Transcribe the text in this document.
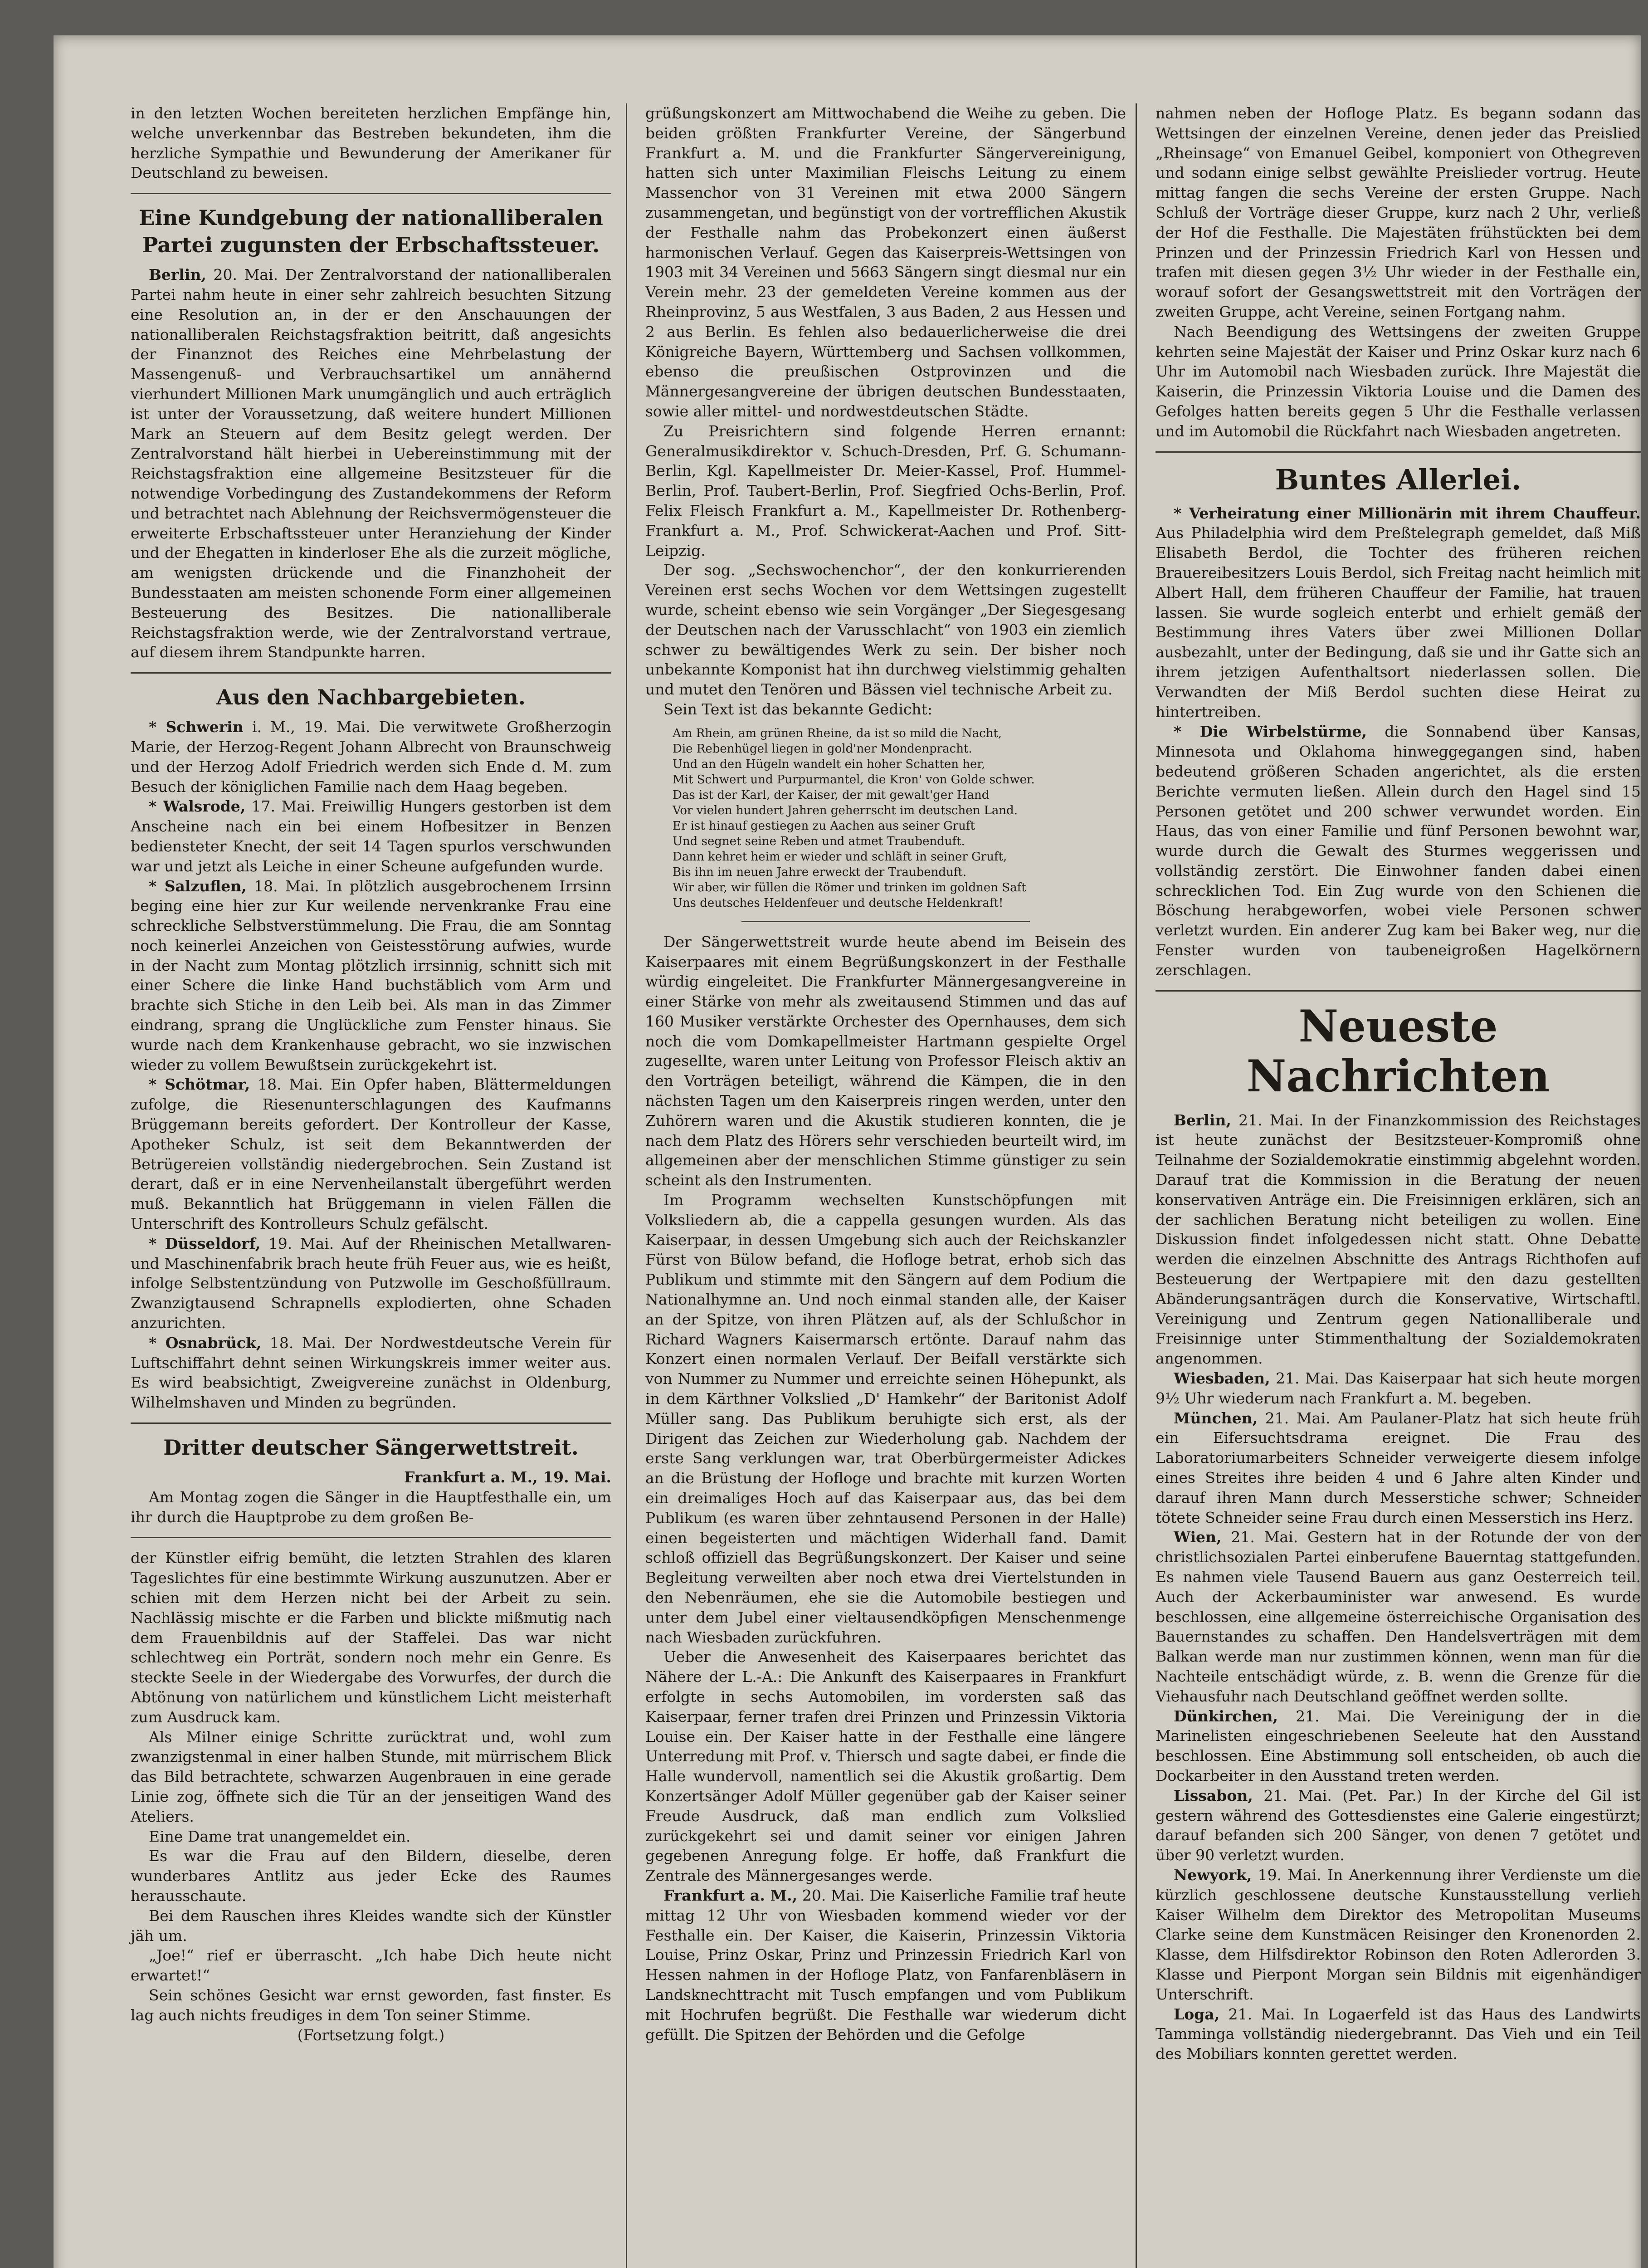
in den letzten Wochen bereiteten herzlichen Empfänge hin, welche unverkennbar das Bestreben bekundeten, ihm die herzliche Sympathie und Bewunderung der Amerikaner für Deutschland zu beweisen.

Eine Kundgebung der nationalliberalen Partei zugunsten der Erbschaftssteuer.

Berlin, 20. Mai. Der Zentralvorstand der nationalliberalen Partei nahm heute in einer sehr zahlreich besuchten Sitzung eine Resolution an, in der er den Anschauungen der nationalliberalen Reichstagsfraktion beitritt, daß angesichts der Finanznot des Reiches eine Mehrbelastung der Massengenuß- und Verbrauchsartikel um annähernd vierhundert Millionen Mark unumgänglich und auch erträglich ist unter der Voraussetzung, daß weitere hundert Millionen Mark an Steuern auf dem Besitz gelegt werden. Der Zentralvorstand hält hierbei in Uebereinstimmung mit der Reichstagsfraktion eine allgemeine Besitzsteuer für die notwendige Vorbedingung des Zustandekommens der Reform und betrachtet nach Ablehnung der Reichsvermögensteuer die erweiterte Erbschaftssteuer unter Heranziehung der Kinder und der Ehegatten in kinderloser Ehe als die zurzeit mögliche, am wenigsten drückende und die Finanzhoheit der Bundesstaaten am meisten schonende Form einer allgemeinen Besteuerung des Besitzes. Die nationalliberale Reichstagsfraktion werde, wie der Zentralvorstand vertraue, auf diesem ihrem Standpunkte harren.

Aus den Nachbargebieten.

* Schwerin i. M., 19. Mai. Die verwitwete Großherzogin Marie, der Herzog-Regent Johann Albrecht von Braunschweig und der Herzog Adolf Friedrich werden sich Ende d. M. zum Besuch der königlichen Familie nach dem Haag begeben.

* Walsrode, 17. Mai. Freiwillig Hungers gestorben ist dem Anscheine nach ein bei einem Hofbesitzer in Benzen bediensteter Knecht, der seit 14 Tagen spurlos verschwunden war und jetzt als Leiche in einer Scheune aufgefunden wurde.

* Salzuflen, 18. Mai. In plötzlich ausgebrochenem Irrsinn beging eine hier zur Kur weilende nervenkranke Frau eine schreckliche Selbstverstümmelung. Die Frau, die am Sonntag noch keinerlei Anzeichen von Geistesstörung aufwies, wurde in der Nacht zum Montag plötzlich irrsinnig, schnitt sich mit einer Schere die linke Hand buchstäblich vom Arm und brachte sich Stiche in den Leib bei. Als man in das Zimmer eindrang, sprang die Unglückliche zum Fenster hinaus. Sie wurde nach dem Krankenhause gebracht, wo sie inzwischen wieder zu vollem Bewußtsein zurückgekehrt ist.

* Schötmar, 18. Mai. Ein Opfer haben, Blättermeldungen zufolge, die Riesenunterschlagungen des Kaufmanns Brüggemann bereits gefordert. Der Kontrolleur der Kasse, Apotheker Schulz, ist seit dem Bekanntwerden der Betrügereien vollständig niedergebrochen. Sein Zustand ist derart, daß er in eine Nervenheilanstalt übergeführt werden muß. Bekanntlich hat Brüggemann in vielen Fällen die Unterschrift des Kontrolleurs Schulz gefälscht.

* Düsseldorf, 19. Mai. Auf der Rheinischen Metallwaren- und Maschinenfabrik brach heute früh Feuer aus, wie es heißt, infolge Selbstentzündung von Putzwolle im Geschoßfüllraum. Zwanzigtausend Schrapnells explodierten, ohne Schaden anzurichten.

* Osnabrück, 18. Mai. Der Nordwestdeutsche Verein für Luftschiffahrt dehnt seinen Wirkungskreis immer weiter aus. Es wird beabsichtigt, Zweigvereine zunächst in Oldenburg, Wilhelmshaven und Minden zu begründen.

Dritter deutscher Sängerwettstreit.

Frankfurt a. M., 19. Mai.

Am Montag zogen die Sänger in die Hauptfesthalle ein, um ihr durch die Hauptprobe zu dem großen Be-

der Künstler eifrig bemüht, die letzten Strahlen des klaren Tageslichtes für eine bestimmte Wirkung auszunutzen. Aber er schien mit dem Herzen nicht bei der Arbeit zu sein. Nachlässig mischte er die Farben und blickte mißmutig nach dem Frauenbildnis auf der Staffelei. Das war nicht schlechtweg ein Porträt, sondern noch mehr ein Genre. Es steckte Seele in der Wiedergabe des Vorwurfes, der durch die Abtönung von natürlichem und künstlichem Licht meisterhaft zum Ausdruck kam.

Als Milner einige Schritte zurücktrat und, wohl zum zwanzigstenmal in einer halben Stunde, mit mürrischem Blick das Bild betrachtete, schwarzen Augenbrauen in eine gerade Linie zog, öffnete sich die Tür an der jenseitigen Wand des Ateliers.

Eine Dame trat unangemeldet ein.

Es war die Frau auf den Bildern, dieselbe, deren wunderbares Antlitz aus jeder Ecke des Raumes herausschaute.

Bei dem Rauschen ihres Kleides wandte sich der Künstler jäh um.

„Joe!“ rief er überrascht. „Ich habe Dich heute nicht erwartet!“

Sein schönes Gesicht war ernst geworden, fast finster. Es lag auch nichts freudiges in dem Ton seiner Stimme.

(Fortsetzung folgt.)

grüßungskonzert am Mittwochabend die Weihe zu geben. Die beiden größten Frankfurter Vereine, der Sängerbund Frankfurt a. M. und die Frankfurter Sängervereinigung, hatten sich unter Maximilian Fleischs Leitung zu einem Massenchor von 31 Vereinen mit etwa 2000 Sängern zusammengetan, und begünstigt von der vortrefflichen Akustik der Festhalle nahm das Probekonzert einen äußerst harmonischen Verlauf. Gegen das Kaiserpreis-Wettsingen von 1903 mit 34 Vereinen und 5663 Sängern singt diesmal nur ein Verein mehr. 23 der gemeldeten Vereine kommen aus der Rheinprovinz, 5 aus Westfalen, 3 aus Baden, 2 aus Hessen und 2 aus Berlin. Es fehlen also bedauerlicherweise die drei Königreiche Bayern, Württemberg und Sachsen vollkommen, ebenso die preußischen Ostprovinzen und die Männergesangvereine der übrigen deutschen Bundesstaaten, sowie aller mittel- und nordwestdeutschen Städte.

Zu Preisrichtern sind folgende Herren ernannt: Generalmusikdirektor v. Schuch-Dresden, Prf. G. Schumann-Berlin, Kgl. Kapellmeister Dr. Meier-Kassel, Prof. Hummel-Berlin, Prof. Taubert-Berlin, Prof. Siegfried Ochs-Berlin, Prof. Felix Fleisch Frankfurt a. M., Kapellmeister Dr. Rothenberg-Frankfurt a. M., Prof. Schwickerat-Aachen und Prof. Sitt-Leipzig.

Der sog. „Sechswochenchor“, der den konkurrierenden Vereinen erst sechs Wochen vor dem Wettsingen zugestellt wurde, scheint ebenso wie sein Vorgänger „Der Siegesgesang der Deutschen nach der Varusschlacht“ von 1903 ein ziemlich schwer zu bewältigendes Werk zu sein. Der bisher noch unbekannte Komponist hat ihn durchweg vielstimmig gehalten und mutet den Tenören und Bässen viel technische Arbeit zu.

Sein Text ist das bekannte Gedicht:

Am Rhein, am grünen Rheine, da ist so mild die Nacht,
Die Rebenhügel liegen in gold'ner Mondenpracht.
Und an den Hügeln wandelt ein hoher Schatten her,
Mit Schwert und Purpurmantel, die Kron' von Golde schwer.
Das ist der Karl, der Kaiser, der mit gewalt'ger Hand
Vor vielen hundert Jahren geherrscht im deutschen Land.
Er ist hinauf gestiegen zu Aachen aus seiner Gruft
Und segnet seine Reben und atmet Traubenduft.
Dann kehret heim er wieder und schläft in seiner Gruft,
Bis ihn im neuen Jahre erweckt der Traubenduft.
Wir aber, wir füllen die Römer und trinken im goldnen Saft
Uns deutsches Heldenfeuer und deutsche Heldenkraft!

Der Sängerwettstreit wurde heute abend im Beisein des Kaiserpaares mit einem Begrüßungskonzert in der Festhalle würdig eingeleitet. Die Frankfurter Männergesangvereine in einer Stärke von mehr als zweitausend Stimmen und das auf 160 Musiker verstärkte Orchester des Opernhauses, dem sich noch die vom Domkapellmeister Hartmann gespielte Orgel zugesellte, waren unter Leitung von Professor Fleisch aktiv an den Vorträgen beteiligt, während die Kämpen, die in den nächsten Tagen um den Kaiserpreis ringen werden, unter den Zuhörern waren und die Akustik studieren konnten, die je nach dem Platz des Hörers sehr verschieden beurteilt wird, im allgemeinen aber der menschlichen Stimme günstiger zu sein scheint als den Instrumenten.

Im Programm wechselten Kunstschöpfungen mit Volksliedern ab, die a cappella gesungen wurden. Als das Kaiserpaar, in dessen Umgebung sich auch der Reichskanzler Fürst von Bülow befand, die Hofloge betrat, erhob sich das Publikum und stimmte mit den Sängern auf dem Podium die Nationalhymne an. Und noch einmal standen alle, der Kaiser an der Spitze, von ihren Plätzen auf, als der Schlußchor in Richard Wagners Kaisermarsch ertönte. Darauf nahm das Konzert einen normalen Verlauf. Der Beifall verstärkte sich von Nummer zu Nummer und erreichte seinen Höhepunkt, als in dem Kärthner Volkslied „D' Hamkehr“ der Baritonist Adolf Müller sang. Das Publikum beruhigte sich erst, als der Dirigent das Zeichen zur Wiederholung gab. Nachdem der erste Sang verklungen war, trat Oberbürgermeister Adickes an die Brüstung der Hofloge und brachte mit kurzen Worten ein dreimaliges Hoch auf das Kaiserpaar aus, das bei dem Publikum (es waren über zehntausend Personen in der Halle) einen begeisterten und mächtigen Widerhall fand. Damit schloß offiziell das Begrüßungskonzert. Der Kaiser und seine Begleitung verweilten aber noch etwa drei Viertelstunden in den Nebenräumen, ehe sie die Automobile bestiegen und unter dem Jubel einer vieltausendköpfigen Menschenmenge nach Wiesbaden zurückfuhren.

Ueber die Anwesenheit des Kaiserpaares berichtet das Nähere der L.-A.: Die Ankunft des Kaiserpaares in Frankfurt erfolgte in sechs Automobilen, im vordersten saß das Kaiserpaar, ferner trafen drei Prinzen und Prinzessin Viktoria Louise ein. Der Kaiser hatte in der Festhalle eine längere Unterredung mit Prof. v. Thiersch und sagte dabei, er finde die Halle wundervoll, namentlich sei die Akustik großartig. Dem Konzertsänger Adolf Müller gegenüber gab der Kaiser seiner Freude Ausdruck, daß man endlich zum Volkslied zurückgekehrt sei und damit seiner vor einigen Jahren gegebenen Anregung folge. Er hoffe, daß Frankfurt die Zentrale des Männergesanges werde.

Frankfurt a. M., 20. Mai. Die Kaiserliche Familie traf heute mittag 12 Uhr von Wiesbaden kommend wieder vor der Festhalle ein. Der Kaiser, die Kaiserin, Prinzessin Viktoria Louise, Prinz Oskar, Prinz und Prinzessin Friedrich Karl von Hessen nahmen in der Hofloge Platz, von Fanfarenbläsern in Landsknechttracht mit Tusch empfangen und vom Publikum mit Hochrufen begrüßt. Die Festhalle war wiederum dicht gefüllt. Die Spitzen der Behörden und die Gefolge

nahmen neben der Hofloge Platz. Es begann sodann das Wettsingen der einzelnen Vereine, denen jeder das Preislied „Rheinsage“ von Emanuel Geibel, komponiert von Othegreven und sodann einige selbst gewählte Preislieder vortrug. Heute mittag fangen die sechs Vereine der ersten Gruppe. Nach Schluß der Vorträge dieser Gruppe, kurz nach 2 Uhr, verließ der Hof die Festhalle. Die Majestäten frühstückten bei dem Prinzen und der Prinzessin Friedrich Karl von Hessen und trafen mit diesen gegen 3½ Uhr wieder in der Festhalle ein, worauf sofort der Gesangswettstreit mit den Vorträgen der zweiten Gruppe, acht Vereine, seinen Fortgang nahm.

Nach Beendigung des Wettsingens der zweiten Gruppe kehrten seine Majestät der Kaiser und Prinz Oskar kurz nach 6 Uhr im Automobil nach Wiesbaden zurück. Ihre Majestät die Kaiserin, die Prinzessin Viktoria Louise und die Damen des Gefolges hatten bereits gegen 5 Uhr die Festhalle verlassen und im Automobil die Rückfahrt nach Wiesbaden angetreten.

Buntes Allerlei.

* Verheiratung einer Millionärin mit ihrem Chauffeur. Aus Philadelphia wird dem Preßtelegraph gemeldet, daß Miß Elisabeth Berdol, die Tochter des früheren reichen Brauereibesitzers Louis Berdol, sich Freitag nacht heimlich mit Albert Hall, dem früheren Chauffeur der Familie, hat trauen lassen. Sie wurde sogleich enterbt und erhielt gemäß der Bestimmung ihres Vaters über zwei Millionen Dollar ausbezahlt, unter der Bedingung, daß sie und ihr Gatte sich an ihrem jetzigen Aufenthaltsort niederlassen sollen. Die Verwandten der Miß Berdol suchten diese Heirat zu hintertreiben.

* Die Wirbelstürme, die Sonnabend über Kansas, Minnesota und Oklahoma hinweggegangen sind, haben bedeutend größeren Schaden angerichtet, als die ersten Berichte vermuten ließen. Allein durch den Hagel sind 15 Personen getötet und 200 schwer verwundet worden. Ein Haus, das von einer Familie und fünf Personen bewohnt war, wurde durch die Gewalt des Sturmes weggerissen und vollständig zerstört. Die Einwohner fanden dabei einen schrecklichen Tod. Ein Zug wurde von den Schienen die Böschung herabgeworfen, wobei viele Personen schwer verletzt wurden. Ein anderer Zug kam bei Baker weg, nur die Fenster wurden von taubeneigroßen Hagelkörnern zerschlagen.

Neueste Nachrichten

Berlin, 21. Mai. In der Finanzkommission des Reichstages ist heute zunächst der Besitzsteuer-Kompromiß ohne Teilnahme der Sozialdemokratie einstimmig abgelehnt worden. Darauf trat die Kommission in die Beratung der neuen konservativen Anträge ein. Die Freisinnigen erklären, sich an der sachlichen Beratung nicht beteiligen zu wollen. Eine Diskussion findet infolgedessen nicht statt. Ohne Debatte werden die einzelnen Abschnitte des Antrags Richthofen auf Besteuerung der Wertpapiere mit den dazu gestellten Abänderungsanträgen durch die Konservative, Wirtschaftl. Vereinigung und Zentrum gegen Nationalliberale und Freisinnige unter Stimmenthaltung der Sozialdemokraten angenommen.

Wiesbaden, 21. Mai. Das Kaiserpaar hat sich heute morgen 9½ Uhr wiederum nach Frankfurt a. M. begeben.

München, 21. Mai. Am Paulaner-Platz hat sich heute früh ein Eifersuchtsdrama ereignet. Die Frau des Laboratoriumarbeiters Schneider verweigerte diesem infolge eines Streites ihre beiden 4 und 6 Jahre alten Kinder und darauf ihren Mann durch Messerstiche schwer; Schneider tötete Schneider seine Frau durch einen Messerstich ins Herz.

Wien, 21. Mai. Gestern hat in der Rotunde der von der christlichsozialen Partei einberufene Bauerntag stattgefunden. Es nahmen viele Tausend Bauern aus ganz Oesterreich teil. Auch der Ackerbauminister war anwesend. Es wurde beschlossen, eine allgemeine österreichische Organisation des Bauernstandes zu schaffen. Den Handelsverträgen mit dem Balkan werde man nur zustimmen können, wenn man für die Nachteile entschädigt würde, z. B. wenn die Grenze für die Viehausfuhr nach Deutschland geöffnet werden sollte.

Dünkirchen, 21. Mai. Die Vereinigung der in die Marinelisten eingeschriebenen Seeleute hat den Ausstand beschlossen. Eine Abstimmung soll entscheiden, ob auch die Dockarbeiter in den Ausstand treten werden.

Lissabon, 21. Mai. (Pet. Par.) In der Kirche del Gil ist gestern während des Gottesdienstes eine Galerie eingestürzt; darauf befanden sich 200 Sänger, von denen 7 getötet und über 90 verletzt wurden.

Newyork, 19. Mai. In Anerkennung ihrer Verdienste um die kürzlich geschlossene deutsche Kunstausstellung verlieh Kaiser Wilhelm dem Direktor des Metropolitan Museums Clarke seine dem Kunstmäcen Reisinger den Kronenorden 2. Klasse, dem Hilfsdirektor Robinson den Roten Adlerorden 3. Klasse und Pierpont Morgan sein Bildnis mit eigenhändiger Unterschrift.

Loga, 21. Mai. In Logaerfeld ist das Haus des Landwirts Tamminga vollständig niedergebrannt. Das Vieh und ein Teil des Mobiliars konnten gerettet werden.
